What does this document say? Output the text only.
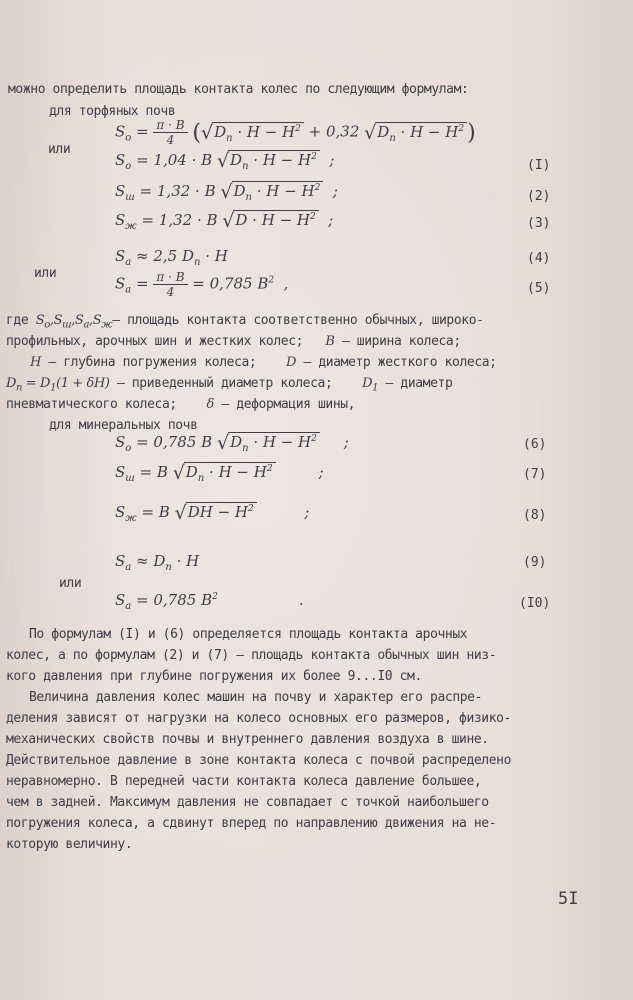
можно определить площадь контакта колес по следующим формулам:
для торфяных почв
$S_o = \frac{\pi \cdot B}{4} (√D_п \cdot H - H^2 + 0,32$ $√D_п \cdot H - H^2$ )
или
$S_o = 1,04 \cdot B$ $√D_п \cdot H - H^2$  ;	(I)
$S_ш = 1,32 \cdot B$ $√D_п \cdot H - H^2$  ;	(2)
$S_ж = 1,32 \cdot B$ $√D \cdot H - H^2$  ;	(3)
$S_a \approx 2,5$ $D_п \cdot H$	(4)
или
$S_a = \frac{\pi \cdot B}{4} = 0,785$ $B^2$  ,	(5)
где $S_o,S_ш,S_a,S_ж-$ площадь контакта соответственно обычных, широко-
профильных, арочных шин и жестких колес; B – ширина колеса;
H – глубина погружения колеса; D – диаметр жесткого колеса;
$D_п = D_1(1 + \delta H)$ – приведенный диаметр колеса; $D_1$ – диаметр
пневматического колеса; δ – деформация шины,
для минеральных почв
$S_o = 0,785$ B $√D_п \cdot H - H^2$     ;	(6)
$S_ш = B$ $√D_п \cdot H - H^2$         ;	(7)
$S_ж = B$ $√DH - H^2$          ;	(8)
$S_a \approx D_п \cdot H$	(9)
или
$S_a = 0,785$ $B^2$                 .	(I0)
По формулам (I) и (6) определяется площадь контакта арочных
колес, а по формулам (2) и (7) – площадь контакта обычных шин низ-
кого давления при глубине погружения их более 9...I0 см.
Величина давления колес машин на почву и характер его распре-
деления зависят от нагрузки на колесо основных его размеров, физико-
механических свойств почвы и внутреннего давления воздуха в шине.
Действительное давление в зоне контакта колеса с почвой распределено
неравномерно. В передней части контакта колеса давление большее,
чем в задней. Максимум давления не совпадает с точкой наибольшего
погружения колеса, а сдвинут вперед по направлению движения на не-
которую величину.
5I
